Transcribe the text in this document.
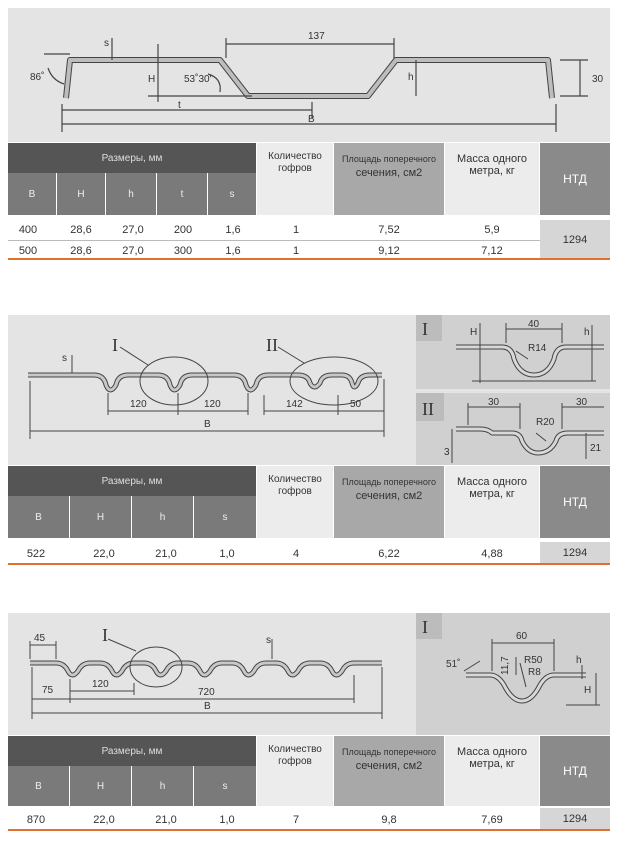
137
s
H
t
B
h	30
86˚	53˚30'
Размеры, мм
B	H	h	t	s
Количество гофров
Площадь поперечного
сечения, см2
Масса одного
метра, кг
НТД
400	28,6	27,0	200	1,6	1	7,52	5,9
500	28,6	27,0	300	1,6	1	9,12	7,12
1294
I	II
s
120	120	142	50
B
I	H
40
h
R14
II	30	30
R20
21
3
Размеры, мм
B	H	h	s
Количество гофров
Площадь поперечного
сечения, см2
Масса одного
метра, кг
НТД
522	22,0	21,0	1,0	4	6,22	4,88	1294
I
45	s
75
120
720
B
I	60
51˚	11,7 R50
R8
h
H
Размеры, мм
B	H	h	s
Количество гофров
Площадь поперечного
сечения, см2
Масса одного
метра, кг	НТД
870	22,0	21,0	1,0	7	9,8	7,69	1294
